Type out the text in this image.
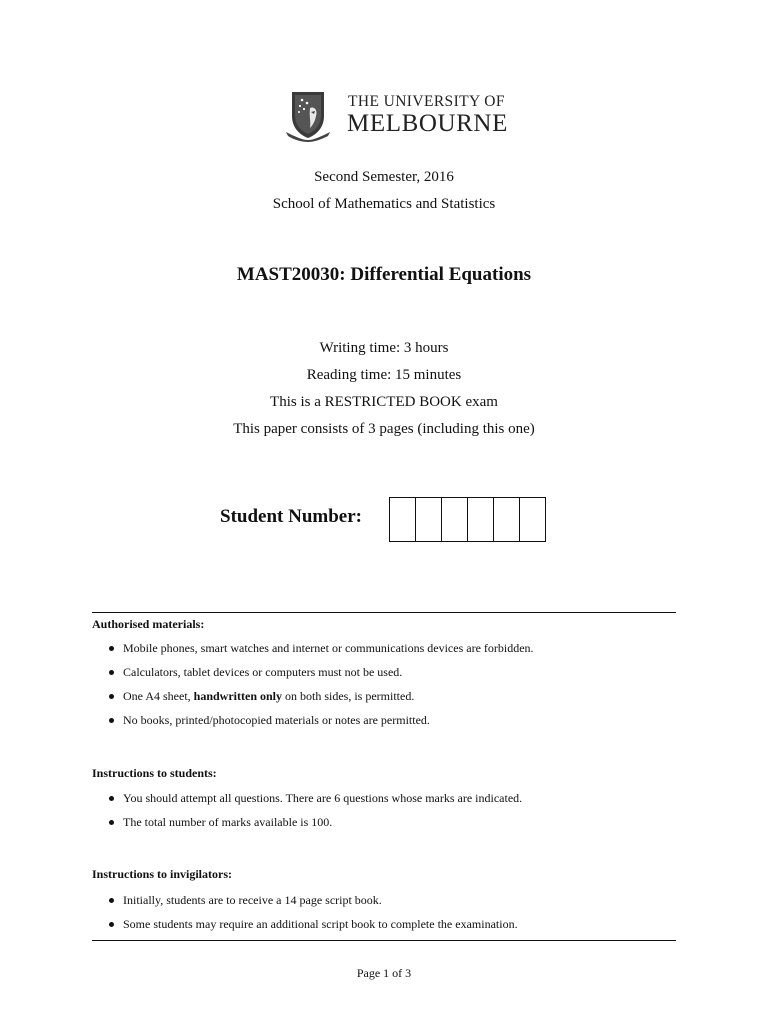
THE UNIVERSITY OF
MELBOURNE
Second Semester, 2016
School of Mathematics and Statistics
MAST20030: Differential Equations
Writing time: 3 hours
Reading time: 15 minutes
This is a RESTRICTED BOOK exam
This paper consists of 3 pages (including this one)
Student Number:
Authorised materials:
Mobile phones, smart watches and internet or communications devices are forbidden.
Calculators, tablet devices or computers must not be used.
One A4 sheet, handwritten only on both sides, is permitted.
No books, printed/photocopied materials or notes are permitted.
Instructions to students:
You should attempt all questions. There are 6 questions whose marks are indicated.
The total number of marks available is 100.
Instructions to invigilators:
Initially, students are to receive a 14 page script book.
Some students may require an additional script book to complete the examination.
Page 1 of 3
